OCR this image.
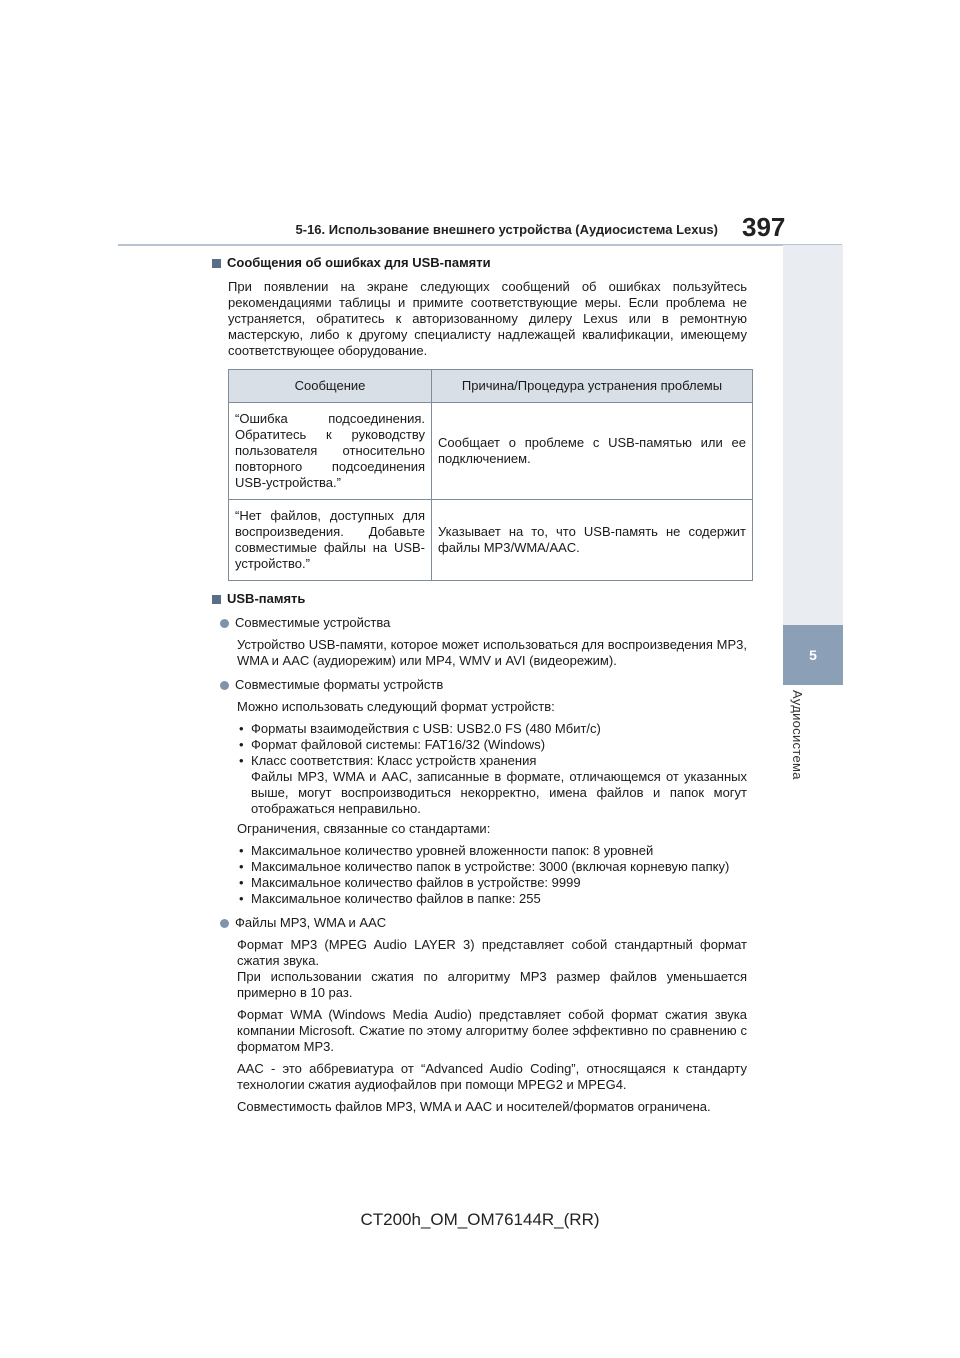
5-16. Использование внешнего устройства (Аудиосистема Lexus) 397
5
Аудиосистема
Сообщения об ошибках для USB-памяти

При появлении на экране следующих сообщений об ошибках пользуйтесь рекомендациями таблицы и примите соответствующие меры. Если проблема не устраняется, обратитесь к авторизованному дилеру Lexus или в ремонтную мастерскую, либо к другому специалисту надлежащей квалификации, имеющему соответствующее оборудование.

Сообщение	Причина/Процедура устранения проблемы
“Ошибка подсоединения. Обратитесь к руководству пользователя относительно повторного подсоединения USB-устройства.”	Сообщает о проблеме с USB-памятью или ее подключением.
“Нет файлов, доступных для воспроизведения. Добавьте совместимые файлы на USB-устройство.”	Указывает на то, что USB-память не содержит файлы MP3/WMA/AAC.
USB-память
Совместимые устройства

Устройство USB-памяти, которое может использоваться для воспроизведения MP3, WMA и AAC (аудиорежим) или MP4, WMV и AVI (видеорежим).

Совместимые форматы устройств

Можно использовать следующий формат устройств:

• Форматы взаимодействия с USB: USB2.0 FS (480 Мбит/с)
• Формат файловой системы: FAT16/32 (Windows)
• Класс соответствия: Класс устройств хранения
Файлы MP3, WMA и AAC, записанные в формате, отличающемся от указанных выше, могут воспроизводиться некорректно, имена файлов и папок могут отображаться неправильно.

Ограничения, связанные со стандартами:

• Максимальное количество уровней вложенности папок: 8 уровней
• Максимальное количество папок в устройстве: 3000 (включая корневую папку)
• Максимальное количество файлов в устройстве: 9999
• Максимальное количество файлов в папке: 255
Файлы MP3, WMA и AAC

Формат MP3 (MPEG Audio LAYER 3) представляет собой стандартный формат сжатия звука.

При использовании сжатия по алгоритму MP3 размер файлов уменьшается примерно в 10 раз.

Формат WMA (Windows Media Audio) представляет собой формат сжатия звука компании Microsoft. Сжатие по этому алгоритму более эффективно по сравнению с форматом MP3.

AAC - это аббревиатура от “Advanced Audio Coding”, относящаяся к стандарту технологии сжатия аудиофайлов при помощи MPEG2 и MPEG4.

Совместимость файлов MP3, WMA и AAC и носителей/форматов ограничена.

CT200h_OM_OM76144R_(RR)
